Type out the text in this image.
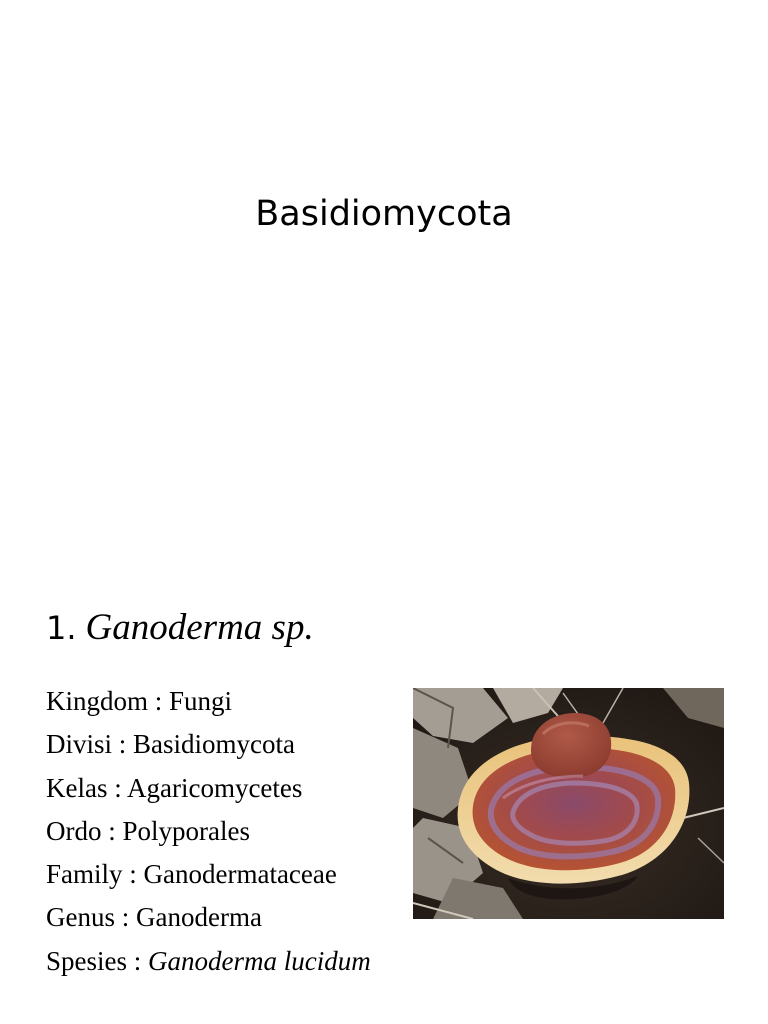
Basidiomycota
1. Ganoderma sp.
Kingdom : Fungi
Divisi : Basidiomycota
Kelas : Agaricomycetes
Ordo : Polyporales
Family : Ganodermataceae
Genus : Ganoderma
Spesies : Ganoderma lucidum
